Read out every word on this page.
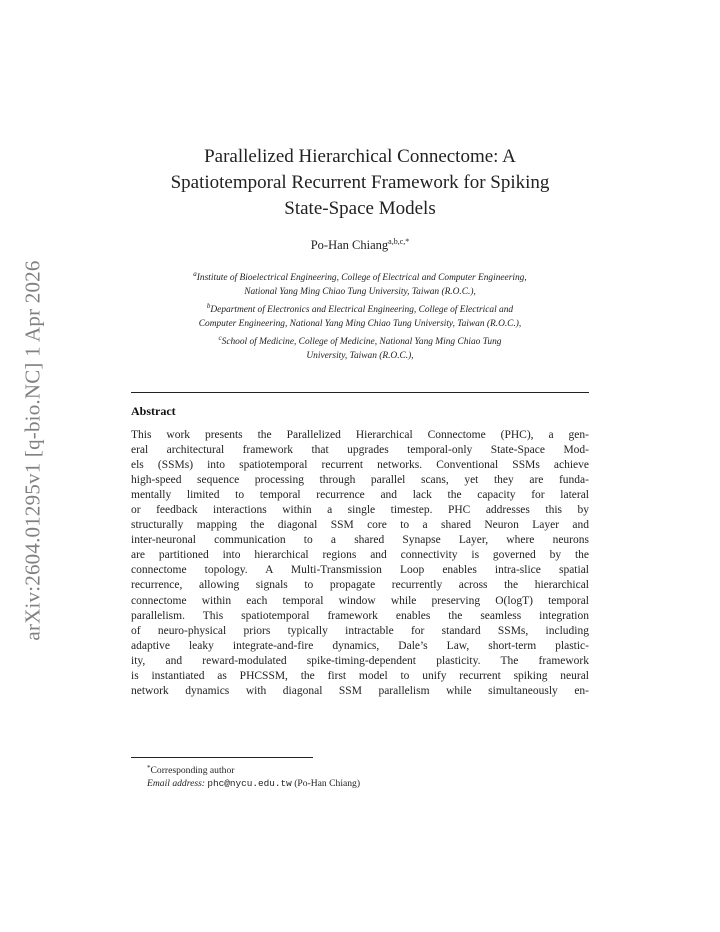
arXiv:2604.01295v1 [q-bio.NC] 1 Apr 2026
Parallelized Hierarchical Connectome: A
Spatiotemporal Recurrent Framework for Spiking
State-Space Models
Po-Han Chiang$^{a,b,c,*}$
$^a$Institute of Bioelectrical Engineering, College of Electrical and Computer Engineering,
National Yang Ming Chiao Tung University, Taiwan (R.O.C.),
$^b$Department of Electronics and Electrical Engineering, College of Electrical and
Computer Engineering, National Yang Ming Chiao Tung University, Taiwan (R.O.C.),
$^c$School of Medicine, College of Medicine, National Yang Ming Chiao Tung
University, Taiwan (R.O.C.),
Abstract
This work presents the Parallelized Hierarchical Connectome (PHC), a gen-
eral architectural framework that upgrades temporal-only State-Space Mod-
els (SSMs) into spatiotemporal recurrent networks. Conventional SSMs achieve
high-speed sequence processing through parallel scans, yet they are funda-
mentally limited to temporal recurrence and lack the capacity for lateral
or feedback interactions within a single timestep. PHC addresses this by
structurally mapping the diagonal SSM core to a shared Neuron Layer and
inter-neuronal communication to a shared Synapse Layer, where neurons
are partitioned into hierarchical regions and connectivity is governed by the
connectome topology. A Multi-Transmission Loop enables intra-slice spatial
recurrence, allowing signals to propagate recurrently across the hierarchical
connectome within each temporal window while preserving O(logT) temporal
parallelism. This spatiotemporal framework enables the seamless integration
of neuro-physical priors typically intractable for standard SSMs, including
adaptive leaky integrate-and-fire dynamics, Dale’s Law, short-term plastic-
ity, and reward-modulated spike-timing-dependent plasticity. The framework
is instantiated as PHCSSM, the first model to unify recurrent spiking neural
network dynamics with diagonal SSM parallelism while simultaneously en-
*Corresponding author
Email address: phc@nycu.edu.tw (Po-Han Chiang)
